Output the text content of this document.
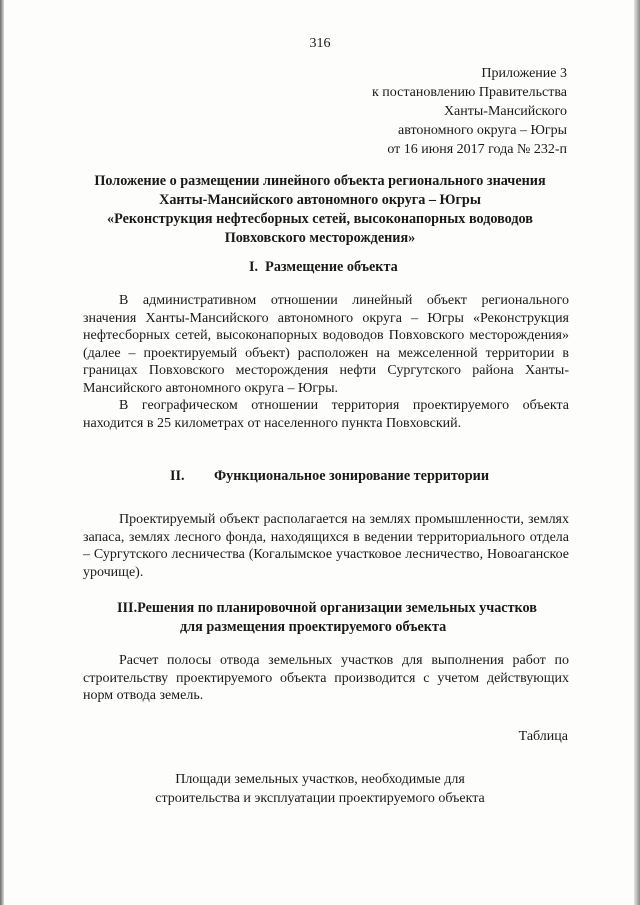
316
Приложение 3
к постановлению Правительства
Ханты-Мансийского
автономного округа – Югры
от 16 июня 2017 года № 232-п
Положение о размещении линейного объекта регионального значения
Ханты-Мансийского автономного округа – Югры
«Реконструкция нефтесборных сетей, высоконапорных водоводов
Повховского месторождения»
I. Размещение объекта

В административном отношении линейный объект регионального значения Ханты-Мансийского автономного округа – Югры «Реконструкция нефтесборных сетей, высоконапорных водоводов Повховского месторождения» (далее – проектируемый объект) расположен на межселенной территории в границах Повховского месторождения нефти Сургутского района Ханты-Мансийского автономного округа – Югры.

В географическом отношении территория проектируемого объекта находится в 25 километрах от населенного пункта Повховский.

II. Функциональное зонирование территории

Проектируемый объект располагается на землях промышленности, землях запаса, землях лесного фонда, находящихся в ведении территориального отдела – Сургутского лесничества (Когалымское участковое лесничество, Новоаганское урочище).

III.Решения по планировочной организации земельных участков
для размещения проектируемого объекта

Расчет полосы отвода земельных участков для выполнения работ по строительству проектируемого объекта производится с учетом действующих норм отвода земель.

Таблица
Площади земельных участков, необходимые для
строительства и эксплуатации проектируемого объекта
